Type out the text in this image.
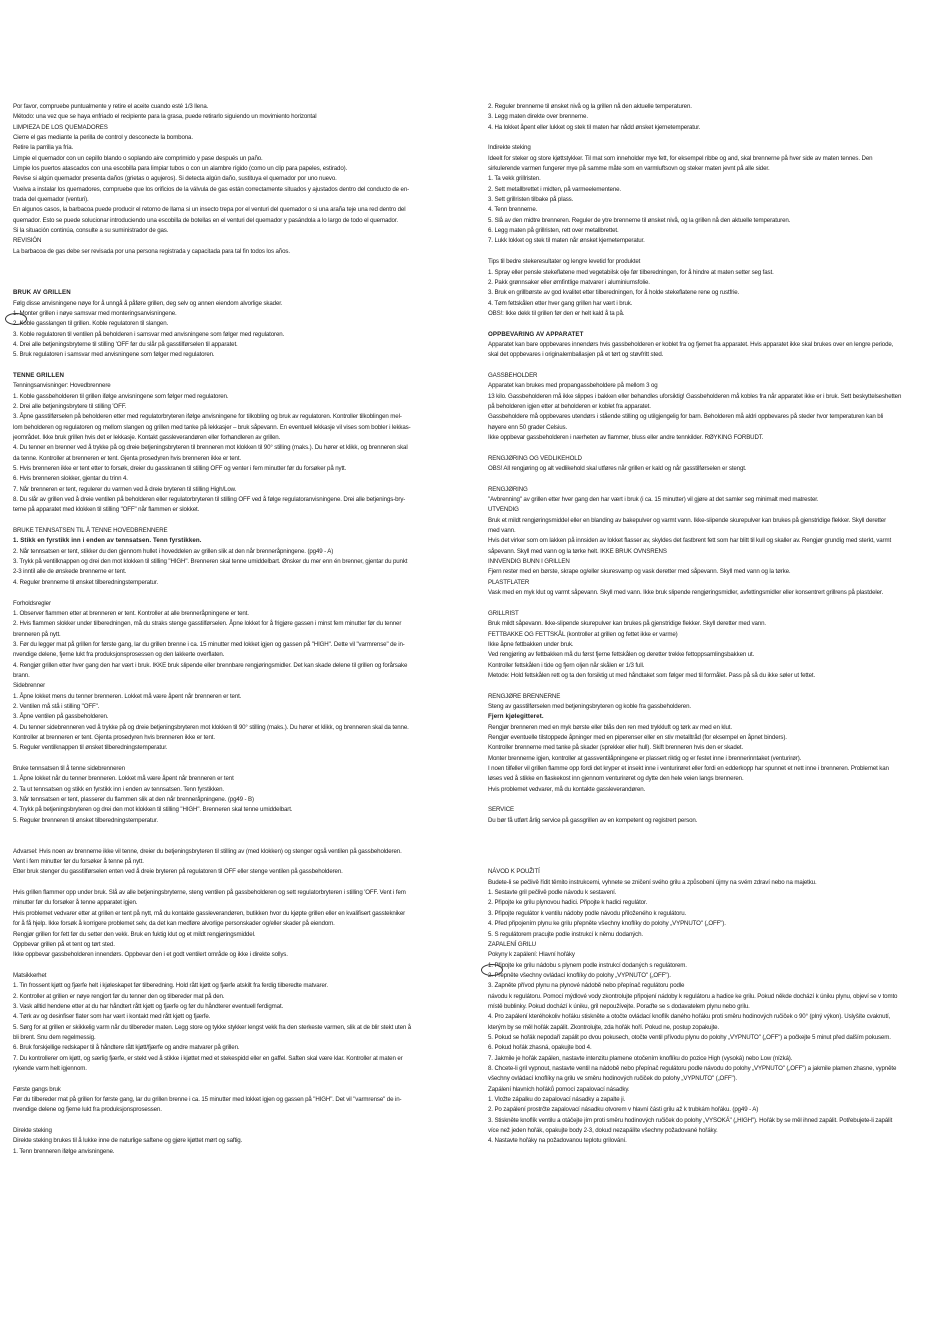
Por favor, compruebe puntualmente y retire el aceite cuando esté 1/3 llena.
Método: una vez que se haya enfriado el recipiente para la grasa, puede retirarlo siguiendo un movimiento horizontal
LIMPIEZA DE LOS QUEMADORES
Cierre el gas mediante la perilla de control y desconecte la bombona.
Retire la parrilla ya fría.
Limpie el quemador con un cepillo blando o soplando aire comprimido y pase después un paño.
Limpie los puertos atascados con una escobilla para limpiar tubos o con un alambre rígido (como un clip para papeles, estirado).
Revise si algún quemador presenta daños (grietas o agujeros). Si detecta algún daño, sustituya el quemador por uno nuevo.
Vuelva a instalar los quemadores, compruebe que los orificios de la válvula de gas están correctamente situados y ajustados dentro del conducto de en-
trada del quemador (venturi).
En algunos casos, la barbacoa puede producir el retorno de llama si un insecto trepa por el venturi del quemador o si una araña teje una red dentro del
quemador. Esto se puede solucionar introduciendo una escobilla de botellas en el venturi del quemador y pasándola a lo largo de todo el quemador.
Si la situación continúa, consulte a su suministrador de gas.
REVISIÓN
La barbacoa de gas debe ser revisada por una persona registrada y capacitada para tal fin todos los años.
BRUK AV GRILLEN
Følg disse anvisningene nøye for å unngå å påføre grillen, deg selv og annen eiendom alvorlige skader.
1. Monter grillen i nøye samsvar med monteringsanvisningene.
2. Koble gasslangen til grillen. Koble regulatoren til slangen.
3. Koble regulatoren til ventilen på beholderen i samsvar med anvisningene som følger med regulatoren.
4. Drei alle betjeningsbryterne til stilling 'OFF før du slår på gasstilførselen til apparatet.
5. Bruk regulatoren i samsvar med anvisningene som følger med regulatoren.
TENNE GRILLEN
Tenningsanvisninger: Hovedbrennere
1. Koble gassbeholderen til grillen ifølge anvisningene som følger med regulatoren.
2. Drei alle betjeningsbrytere til stilling 'OFF.
3. Åpne gasstilførselen på beholderen etter med regulatorbryteren ifølge anvisningene for tilkobling og bruk av regulatoren. Kontroller tilkoblingen mel-
lom beholderen og regulatoren og mellom slangen og grillen med tanke på lekkasjer – bruk såpevann. En eventuell lekkasje vil vises som bobler i lekkas-
jeområdet. Ikke bruk grillen hvis det er lekkasje. Kontakt gassleverandøren eller forhandleren av grillen.
4. Du tenner en brenner ved å trykke på og dreie betjeningsbryteren til brenneren mot klokken til 90° stilling (maks.). Du hører et klikk, og brenneren skal
da tenne. Kontroller at brenneren er tent. Gjenta prosedyren hvis brenneren ikke er tent.
5. Hvis brenneren ikke er tent etter to forsøk, dreier du gasskranen til stilling OFF og venter i fem minutter før du forsøker på nytt.
6. Hvis brenneren slokker, gjentar du trinn 4.
7. Når brenneren er tent, regulerer du varmen ved å dreie bryteren til stilling High/Low.
8. Du slår av grillen ved å dreie ventilen på beholderen eller regulatorbryteren til stilling OFF ved å følge regulatoranvisningene. Drei alle betjenings-bry-
terne på apparatet med klokken til stilling "OFF" når flammen er slokket.
BRUKE TENNSATSEN TIL Å TENNE HOVEDBRENNERE
1. Stikk en fyrstikk inn i enden av tennsatsen. Tenn fyrstikken.
2. Når tennsatsen er tent, stikker du den gjennom hullet i hoveddelen av grillen slik at den når brenneråpningene. (pg49 - A)
3. Trykk på ventilknappen og drei den mot klokken til stilling "HIGH". Brenneren skal tenne umiddelbart. Ønsker du mer enn én brenner, gjentar du punkt
2-3 inntil alle de ønskede brennerne er tent.
4. Reguler brennerne til ønsket tilberedningstemperatur.
Forholdsregler
1. Observer flammen etter at brenneren er tent. Kontroller at alle brenneråpningene er tent.
2. Hvis flammen slokker under tilberedningen, må du straks stenge gasstilførselen. Åpne lokket for å frigjøre gassen i minst fem minutter før du tenner
brenneren på nytt.
3. Før du legger mat på grillen for første gang, lar du grillen brenne i ca. 15 minutter med lokket igjen og gassen på "HIGH". Dette vil "varmrense" de in-
nvendige delene, fjerne lukt fra produksjonsprosessen og den lakkerte overflaten.
4. Rengjør grillen etter hver gang den har vært i bruk. IKKE bruk slipende eller brennbare rengjøringsmidler. Det kan skade delene til grillen og forårsake
brann.
Sidebrenner
1. Åpne lokket mens du tenner brenneren. Lokket må være åpent når brenneren er tent.
2. Ventilen må stå i stilling "OFF".
3. Åpne ventilen på gassbeholderen.
4. Du tenner sidebrenneren ved å trykke på og dreie betjeningsbryteren mot klokken til 90° stilling (maks.). Du hører et klikk, og brenneren skal da tenne.
Kontroller at brenneren er tent. Gjenta prosedyren hvis brenneren ikke er tent.
5. Reguler ventilknappen til ønsket tilberedningstemperatur.
Bruke tennsatsen til å tenne sidebrenneren
1. Åpne lokket når du tenner brenneren. Lokket må være åpent når brenneren er tent
2. Ta ut tennsatsen og stikk en fyrstikk inn i enden av tennsatsen. Tenn fyrstikken.
3. Når tennsatsen er tent, plasserer du flammen slik at den når brenneråpningene. (pg49 - B)
4. Trykk på betjeningsbryteren og drei den mot klokken til stilling "HIGH". Brenneren skal tenne umiddelbart.
5. Reguler brenneren til ønsket tilberedningstemperatur.
Advarsel: Hvis noen av brennerne ikke vil tenne, dreier du betjeningsbryteren til stilling av (med klokken) og stenger også ventilen på gassbeholderen.
Vent i fem minutter før du forsøker å tenne på nytt.
Etter bruk stenger du gasstilførselen enten ved å dreie bryteren på regulatoren til OFF eller stenge ventilen på gassbeholderen.
Hvis grillen flammer opp under bruk. Slå av alle betjeningsbryterne, steng ventilen på gassbeholderen og sett regulatorbryteren i stilling 'OFF. Vent i fem
minutter før du forsøker å tenne apparatet igjen.
Hvis problemet vedvarer etter at grillen er tent på nytt, må du kontakte gassleverandøren, butikken hvor du kjøpte grillen eller en kvalifisert gasstekniker
for å få hjelp. Ikke forsøk å korrigere problemet selv, da det kan medføre alvorlige personskader og/eller skader på eiendom.
Rengjør grillen for fett før du setter den vekk. Bruk en fuktig klut og et mildt rengjøringsmiddel.
Oppbevar grillen på et tent og tørt sted.
Ikke oppbevar gassbeholderen innendørs. Oppbevar den i et godt ventilert område og ikke i direkte sollys.
Matsikkerhet
1. Tin frossent kjøtt og fjærfe helt i kjøleskapet før tilberedning. Hold rått kjøtt og fjærfe atskilt fra ferdig tilberedte matvarer.
2. Kontroller at grillen er nøye rengjort før du tenner den og tilbereder mat på den.
3. Vask alltid hendene etter at du har håndtert rått kjøtt og fjærfe og før du håndterer eventuell ferdigmat.
4. Tørk av og desinfiser flater som har vært i kontakt med rått kjøtt og fjærfe.
5. Sørg for at grillen er skikkelig varm når du tilbereder maten. Legg store og tykke stykker lengst vekk fra den sterkeste varmen, slik at de blir stekt uten å
bli brent. Snu dem regelmessig.
6. Bruk forskjellige redskaper til å håndtere rått kjøtt/fjærfe og andre matvarer på grillen.
7. Du kontrollerer om kjøtt, og særlig fjærfe, er stekt ved å stikke i kjøttet med et stekespidd eller en gaffel. Saften skal være klar. Kontroller at maten er
rykende varm helt igjennom.
Første gangs bruk
Før du tilbereder mat på grillen for første gang, lar du grillen brenne i ca. 15 minutter med lokket igjen og gassen på "HIGH". Det vil "varmrense" de in-
nvendige delene og fjerne lukt fra produksjonsprosessen.
Direkte steking
Direkte steking brukes til å lukke inne de naturlige saftene og gjøre kjøttet mørt og saftig.
1. Tenn brenneren ifølge anvisningene.
2. Reguler brennerne til ønsket nivå og la grillen nå den aktuelle temperaturen.
3. Legg maten direkte over brennerne.
4. Ha lokket åpent eller lukket og stek til maten har nådd ønsket kjernetemperatur.
Indirekte steking
Ideelt for steker og store kjøttstykker. Til mat som inneholder mye fett, for eksempel ribbe og and, skal brennerne på hver side av maten tennes. Den
sirkulerende varmen fungerer mye på samme måte som en varmluftsovn og steker maten jevnt på alle sider.
1. Ta vekk grillristen.
2. Sett metallbrettet i midten, på varmeelementene.
3. Sett grillristen tilbake på plass.
4. Tenn brennerne.
5. Slå av den midtre brenneren. Reguler de ytre brennerne til ønsket nivå, og la grillen nå den aktuelle temperaturen.
6. Legg maten på grillristen, rett over metallbrettet.
7. Lukk lokket og stek til maten når ønsket kjernetemperatur.
Tips til bedre stekeresultater og lengre levetid for produktet
1. Spray eller pensle stekeflatene med vegetabilsk olje før tilberedningen, for å hindre at maten setter seg fast.
2. Pakk grønnsaker eller ømfintlige matvarer i aluminiumsfolie.
3. Bruk en grillbørste av god kvalitet etter tilberedningen, for å holde stekeflatene rene og rustfrie.
4. Tøm fettskålen etter hver gang grillen har vært i bruk.
OBS!: Ikke dekk til grillen før den er helt kald å ta på.
OPPBEVARING AV APPARATET
Apparatet kan bare oppbevares innendørs hvis gassbeholderen er koblet fra og fjernet fra apparatet. Hvis apparatet ikke skal brukes over en lengre periode,
skal det oppbevares i originalemballasjen på et tørt og støvfritt sted.
GASSBEHOLDER
Apparatet kan brukes med propangassbeholdere på mellom 3 og
13 kilo. Gassbeholderen må ikke slippes i bakken eller behandles uforsiktig! Gassbeholderen må kobles fra når apparatet ikke er i bruk. Sett beskyttelseshetten
på beholderen igjen etter at beholderen er koblet fra apparatet.
Gassbeholdere må oppbevares utendørs i stående stilling og utilgjengelig for barn. Beholderen må aldri oppbevares på steder hvor temperaturen kan bli
høyere enn 50 grader Celsius.
Ikke oppbevar gassbeholderen i nærheten av flammer, bluss eller andre tennkilder. RØYKING FORBUDT.
RENGJØRING OG VEDLIKEHOLD
OBS! All rengjøring og alt vedlikehold skal utføres når grillen er kald og når gasstilførselen er stengt.
RENGJØRING
"Avbrenning" av grillen etter hver gang den har vært i bruk (i ca. 15 minutter) vil gjøre at det samler seg minimalt med matrester.
UTVENDIG
Bruk et mildt rengjøringsmiddel eller en blanding av bakepulver og varmt vann. Ikke-slipende skurepulver kan brukes på gjenstridige flekker. Skyll deretter
med vann.
Hvis det virker som om lakken på innsiden av lokket flasser av, skyldes det fastbrent fett som har blitt til kull og skaller av. Rengjør grundig med sterkt, varmt
såpevann. Skyll med vann og la tørke helt. IKKE BRUK OVNSRENS
INNVENDIG BUNN I GRILLEN
Fjern rester med en børste, skrape og/eller skuresvamp og vask deretter med såpevann. Skyll med vann og la tørke.
PLASTFLATER
Vask med en myk klut og varmt såpevann. Skyll med vann. Ikke bruk slipende rengjøringsmidler, avfettingsmidler eller konsentrert grillrens på plastdeler.
GRILLRIST
Bruk mildt såpevann. Ikke-slipende skurepulver kan brukes på gjenstridige flekker. Skyll deretter med vann.
FETTBAKKE OG FETTSKÅL (kontroller at grillen og fettet ikke er varme)
Ikke åpne fettbakken under bruk.
Ved rengjøring av fettbakken må du først fjerne fettskålen og deretter trekke fettoppsamlingsbakken ut.
Kontroller fettskålen i tide og fjern oljen når skålen er 1/3 full.
Metode: Hold fettskålen rett og ta den forsiktig ut med håndtaket som følger med til formålet. Pass på så du ikke søler ut fettet.
RENGJØRE BRENNERNE
Steng av gasstilførselen med betjeningsbryteren og koble fra gassbeholderen.
Fjern kjølegitteret.
Rengjør brenneren med en myk børste eller blås den ren med trykkluft og tørk av med en klut.
Rengjør eventuelle tilstoppede åpninger med en piperenser eller en stiv metalltråd (for eksempel en åpnet binders).
Kontroller brennerne med tanke på skader (sprekker eller hull). Skift brenneren hvis den er skadet.
Monter brennerne igjen, kontroller at gassventilåpningene er plassert riktig og er festet inne i brennerinntaket (venturirør).
I noen tilfeller vil grillen flamme opp fordi det kryper et insekt inne i venturirøret eller fordi en edderkopp har spunnet et nett inne i brenneren. Problemet kan
løses ved å stikke en flaskekost inn gjennom venturirøret og dytte den hele veien langs brenneren.
Hvis problemet vedvarer, må du kontakte gassleverandøren.
SERVICE
Du bør få utført årlig service på gassgrillen av en kompetent og registrert person.
NÁVOD K POUŽITÍ
Budete-li se pečlivě řídit těmito instrukcemi, vyhnete se zničení svého grilu a způsobení újmy na svém zdraví nebo na majetku.
1. Sestavte gril pečlivě podle návodu k sestavení.
2. Připojte ke grilu plynovou hadici. Připojte k hadici regulátor.
3. Připojte regulátor k ventilu nádoby podle návodu přiloženého k regulátoru.
4. Před připojením plynu ke grilu přepněte všechny knoflíky do polohy „VYPNUTO" („OFF").
5. S regulátorem pracujte podle instrukcí k němu dodaných.
ZAPALENÍ GRILU
Pokyny k zapálení: Hlavní hořáky
1. Připojte ke grilu nádobu s plynem podle instrukcí dodaných s regulátorem.
2. Přepněte všechny ovládací knoflíky do polohy „VYPNUTO" („OFF").
3. Zapněte přívod plynu na plynové nádobě nebo přepínač regulátoru podle
návodu k regulátoru. Pomocí mýdlové vody zkontrolujte připojení nádoby k regulátoru a hadice ke grilu. Pokud někde dochází k úniku plynu, objeví se v tomto
místě bublinky. Pokud dochází k úniku, gril nepoužívejte. Poraďte se s dodavatelem plynu nebo grilu.
4. Pro zapálení kteréhokoliv hořáku stiskněte a otočte ovládací knoflík daného hořáku proti směru hodinových ručiček o 90° (plný výkon). Uslyšíte cvaknutí,
kterým by se měl hořák zapálit. Zkontrolujte, zda hořák hoří. Pokud ne, postup zopakujte.
5. Pokud se hořák nepodaří zapálit po dvou pokusech, otočte ventil přívodu plynu do polohy „VYPNUTO" („OFF") a počkejte 5 minut před dalším pokusem.
6. Pokud hořák zhasná, opakujte bod 4.
7. Jakmile je hořák zapálen, nastavte intenzitu plamene otočením knoflíku do pozice High (vysoká) nebo Low (nízká).
8. Chcete-li gril vypnout, nastavte ventil na nádobě nebo přepínač regulátoru podle návodu do polohy „VYPNUTO" („OFF") a jakmile plamen zhasne, vypněte
všechny ovládací knoflíky na grilu ve směru hodinových ručiček do polohy „VYPNUTO" („OFF").
Zapálení hlavních hořáků pomocí zapalovací násadky.
1. Vložte zápalku do zapalovací násadky a zapalte ji.
2. Po zapálení prostrčte zapalovací násadku otvorem v hlavní části grilu až k trubkám hořáku. (pg49 - A)
3. Stiskněte knoflík ventilu a otáčejte jím proti směru hodinových ručiček do polohy „VYSOKÁ" („HIGH"). Hořák by se měl ihned zapálit. Potřebujete-li zapálit
více než jeden hořák, opakujte body 2-3, dokud nezapálíte všechny požadované hořáky.
4. Nastavte hořáky na požadovanou teplotu grilování.
